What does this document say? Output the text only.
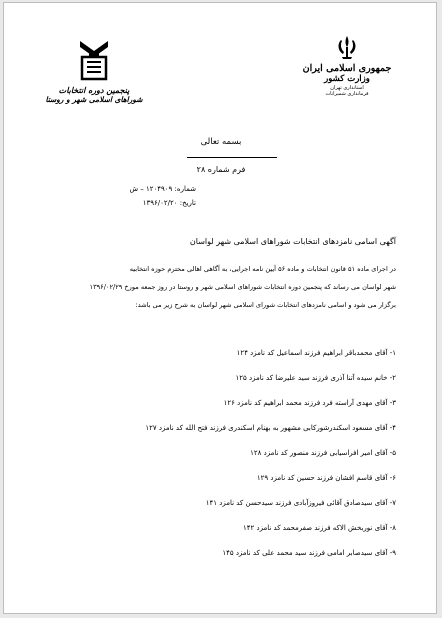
جمهوری اسلامی ایران
وزارت کشور
استانداری تهران
فرمانداری شمیرانات
پنجمین دوره انتخابات
شوراهای اسلامی شهر و روستا
بسمه تعالی
فرم شماره ۲۸
شماره: ۱۲۰۴۹۰۹ – ش
تاریخ: ۱۳۹۶/۰۲/۲۰
آگهی اسامی نامزدهای انتخابات شوراهای اسلامی شهر لواسان
در اجرای ماده ۵۱ قانون انتخابات و ماده ۵۶ آیین نامه اجرایی، به آگاهی اهالی محترم حوزه انتخابیه
شهر لواسان می رساند که پنجمین دوره انتخابات شوراهای اسلامی شهر و روستا در روز جمعه مورخ ۱۳۹۶/۰۲/۲۹
برگزار می شود و اسامی نامزدهای انتخابات شورای اسلامی شهر لواسان به شرح زیر می باشد:
۱- آقای محمدباقر ابراهیم فرزند اسماعیل کد نامزد ۱۲۴
۲- خانم سیده آتنا آذری فرزند سید علیرضا کد نامزد ۱۲۵
۳- آقای مهدی آراسته فرد فرزند محمد ابراهیم کد نامزد ۱۲۶
۴- آقای مسعود اسکندرشورکابی مشهور به بهنام اسکندری فرزند فتح الله کد نامزد ۱۲۷
۵- آقای امیر افراسیابی فرزند منصور کد نامزد ۱۲۸
۶- آقای قاسم افشان فرزند حسین کد نامزد ۱۲۹
۷- آقای سیدصادق آقائی فیروزآبادی فرزند سیدحسن کد نامزد ۱۴۱
۸- آقای نوربخش الاکه فرزند صفرمحمد کد نامزد ۱۴۲
۹- آقای سیدصابر امامی فرزند سید محمد علی کد نامزد ۱۴۵
